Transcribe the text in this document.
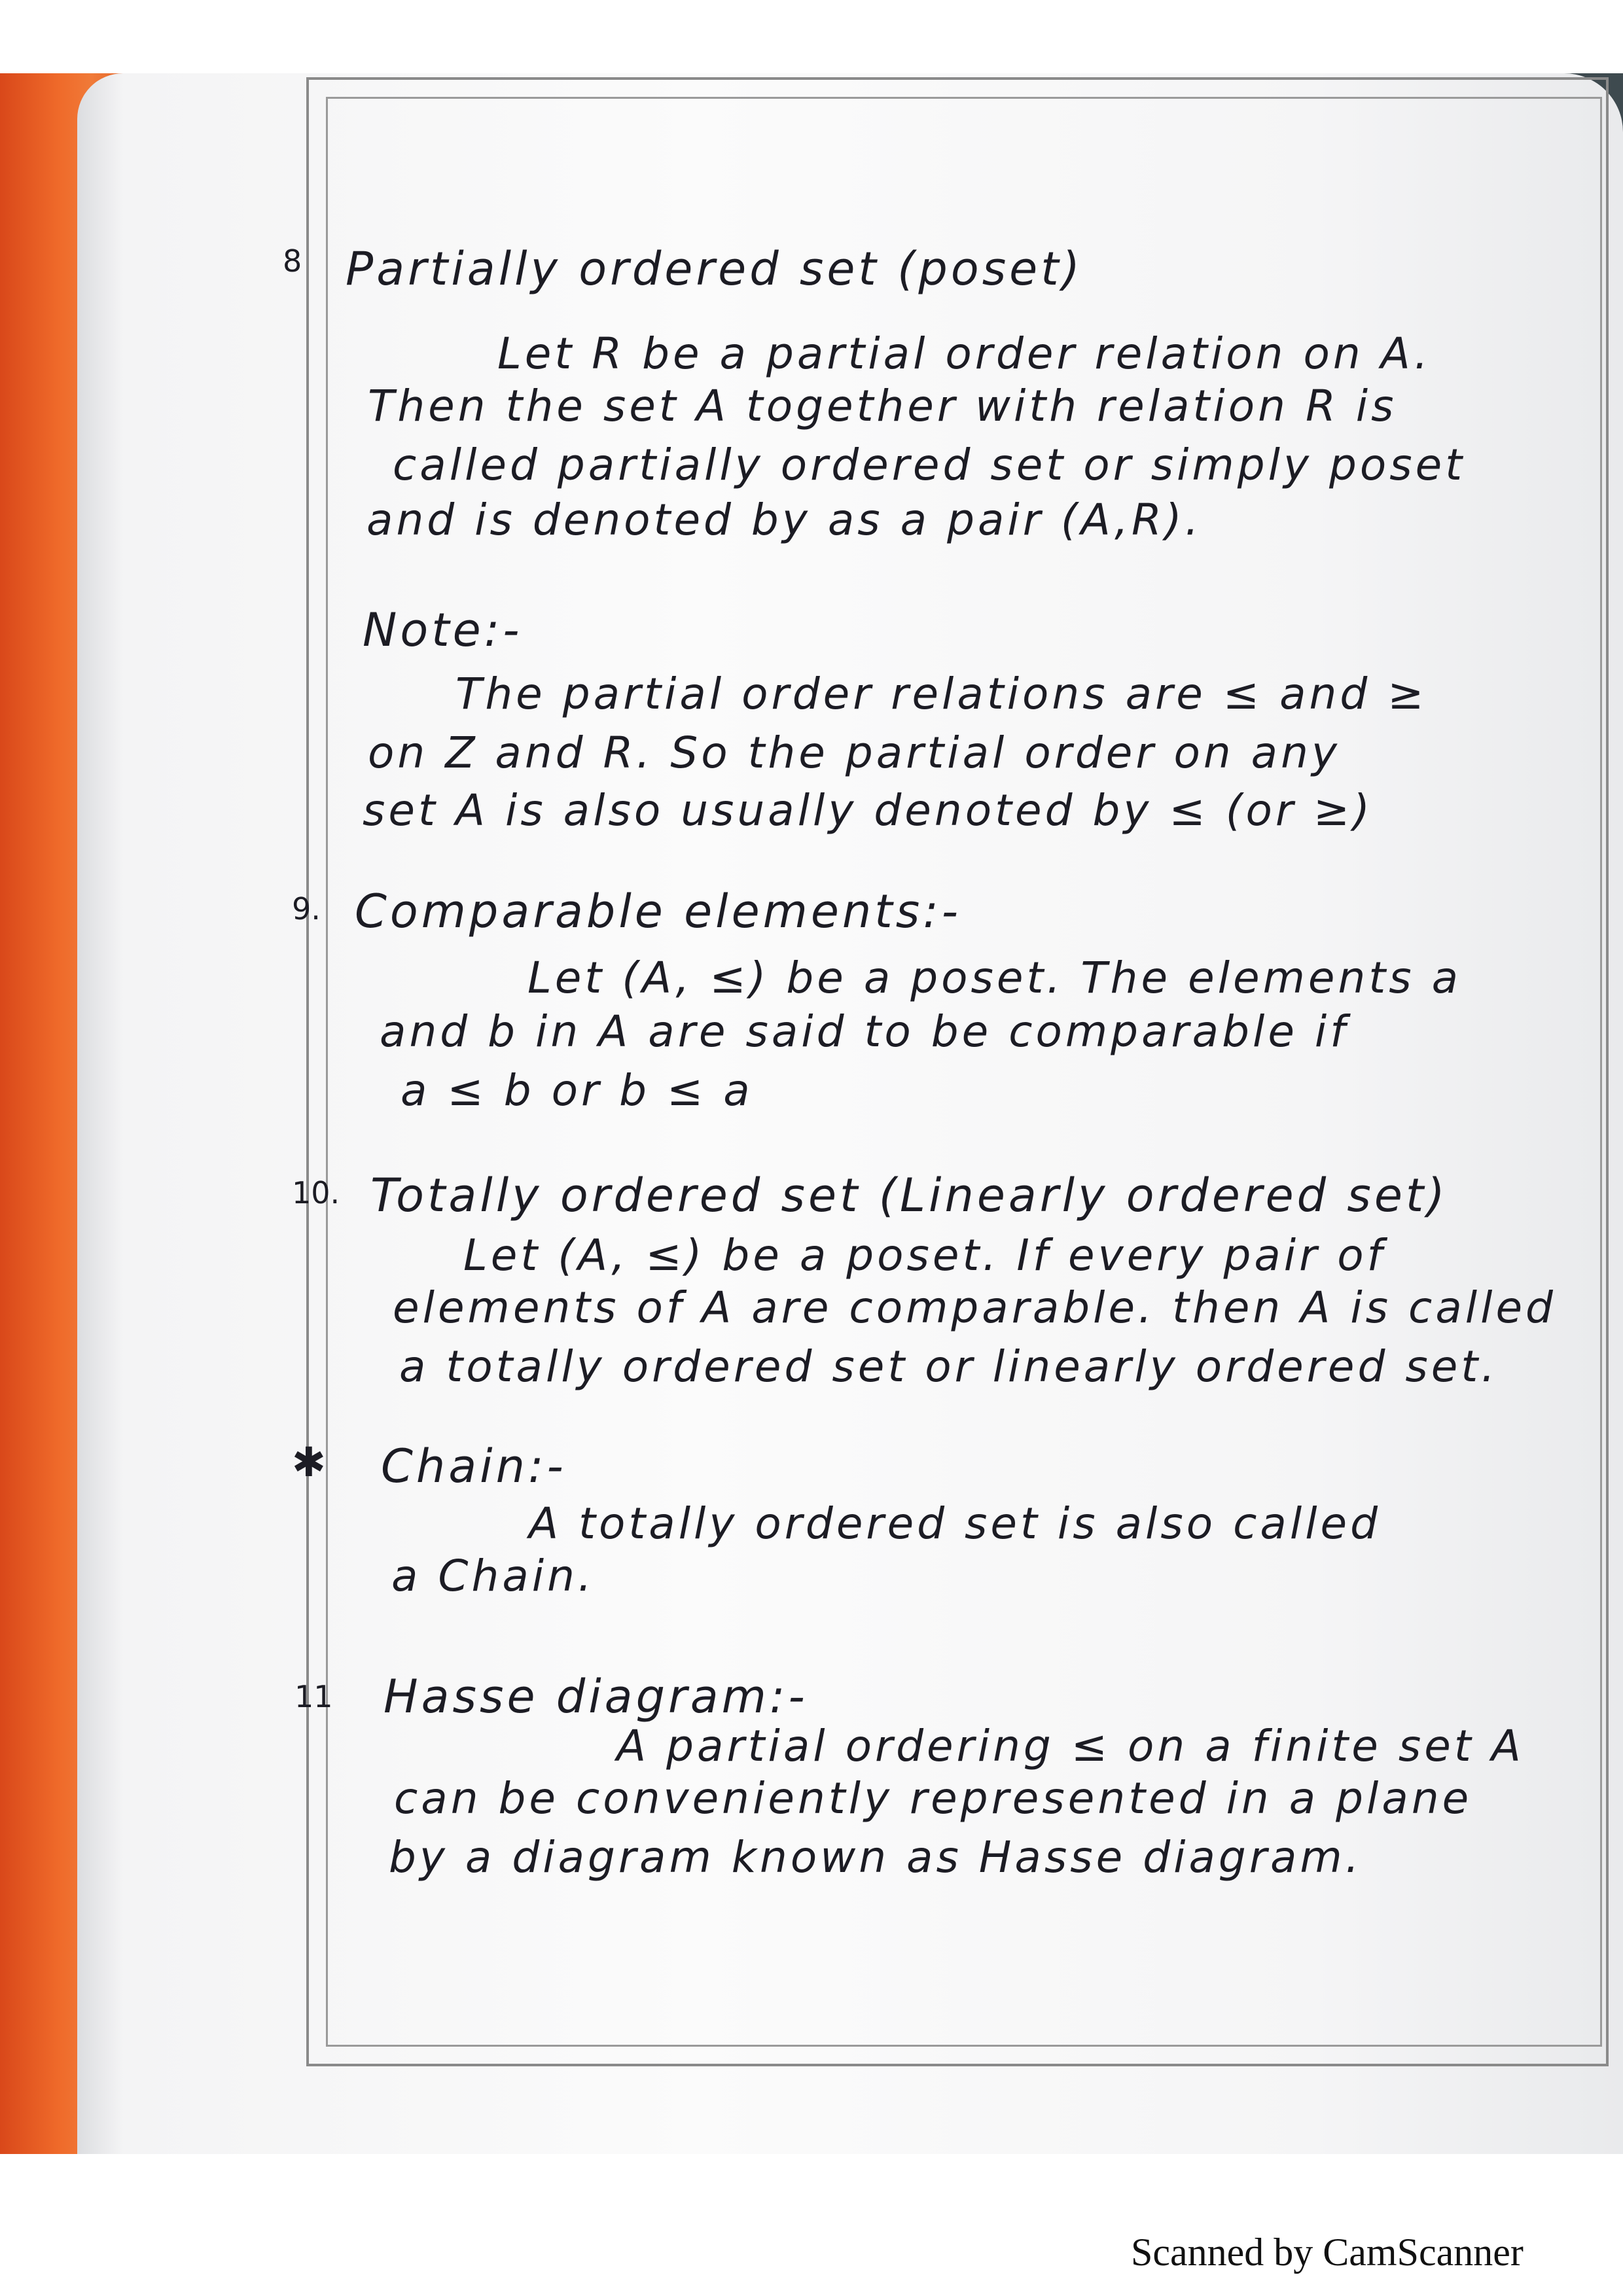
8 Partially ordered set (poset)
Let R be a partial order relation on A.
Then the set A together with relation R is
called partially ordered set or simply poset
and is denoted by as a pair (A,R).
Note:-
The partial order relations are ≤ and ≥
on Z and R. So the partial order on any
set A is also usually denoted by ≤ (or ≥)
9. Comparable elements:-
Let (A, ≤) be a poset. The elements a
and b in A are said to be comparable if
a ≤ b or b ≤ a
10. Totally ordered set (Linearly ordered set)
Let (A, ≤) be a poset. If every pair of
elements of A are comparable. then A is called
a totally ordered set or linearly ordered set.
✱ Chain:-
A totally ordered set is also called
a Chain.
11 Hasse diagram:-
A partial ordering ≤ on a finite set A
can be conveniently represented in a plane
by a diagram known as Hasse diagram.
Scanned by CamScanner
